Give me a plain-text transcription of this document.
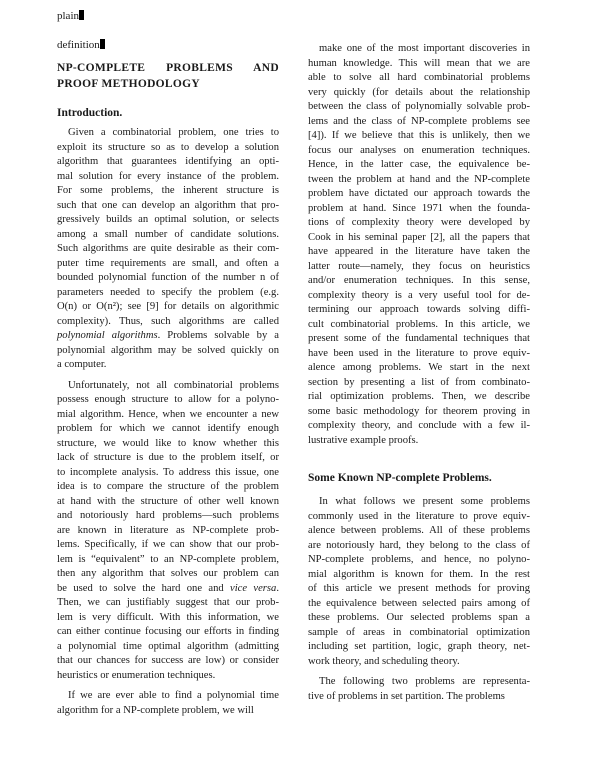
plain
definition
NP-COMPLETE PROBLEMS AND
PROOF METHODOLOGY
Introduction.
Given a combinatorial problem, one tries to
exploit its structure so as to develop a solution
algorithm that guarantees identifying an opti-
mal solution for every instance of the problem.
For some problems, the inherent structure is
such that one can develop an algorithm that pro-
gressively builds an optimal solution, or selects
among a small number of candidate solutions.
Such algorithms are quite desirable as their com-
puter time requirements are small, and often a
bounded polynomial function of the number n of
parameters needed to specify the problem (e.g.
O(n) or O(n²); see [9] for details on algorithmic
complexity). Thus, such algorithms are called
polynomial algorithms. Problems solvable by a
polynomial algorithm may be solved quickly on
a computer.
Unfortunately, not all combinatorial problems
possess enough structure to allow for a polyno-
mial algorithm. Hence, when we encounter a new
problem for which we cannot identify enough
structure, we would like to know whether this
lack of structure is due to the problem itself, or
to incomplete analysis. To address this issue, one
idea is to compare the structure of the problem
at hand with the structure of other well known
and notoriously hard problems—such problems
are known in literature as NP-complete prob-
lems. Specifically, if we can show that our prob-
lem is “equivalent” to an NP-complete problem,
then any algorithm that solves our problem can
be used to solve the hard one and vice versa.
Then, we can justifiably suggest that our prob-
lem is very difficult. With this information, we
can either continue focusing our efforts in finding
a polynomial time optimal algorithm (admitting
that our chances for success are low) or consider
heuristics or enumeration techniques.
If we are ever able to find a polynomial time
algorithm for a NP-complete problem, we will
make one of the most important discoveries in
human knowledge. This will mean that we are
able to solve all hard combinatorial problems
very quickly (for details about the relationship
between the class of polynomially solvable prob-
lems and the class of NP-complete problems see
[4]). If we believe that this is unlikely, then we
focus our analyses on enumeration techniques.
Hence, in the latter case, the equivalence be-
tween the problem at hand and the NP-complete
problem have dictated our approach towards the
problem at hand. Since 1971 when the founda-
tions of complexity theory were developed by
Cook in his seminal paper [2], all the papers that
have appeared in the literature have taken the
latter route—namely, they focus on heuristics
and/or enumeration techniques. In this sense,
complexity theory is a very useful tool for de-
termining our approach towards solving diffi-
cult combinatorial problems. In this article, we
present some of the fundamental techniques that
have been used in the literature to prove equiv-
alence among problems. We start in the next
section by presenting a list of from combinato-
rial optimization problems. Then, we describe
some basic methodology for theorem proving in
complexity theory, and conclude with a few il-
lustrative example proofs.
Some Known NP-complete Problems.
In what follows we present some problems
commonly used in the literature to prove equiv-
alence between problems. All of these problems
are notoriously hard, they belong to the class of
NP-complete problems, and hence, no polyno-
mial algorithm is known for them. In the rest
of this article we present methods for proving
the equivalence between selected pairs among of
these problems. Our selected problems span a
sample of areas in combinatorial optimization
including set partition, logic, graph theory, net-
work theory, and scheduling theory.
The following two problems are representa-
tive of problems in set partition. The problems
